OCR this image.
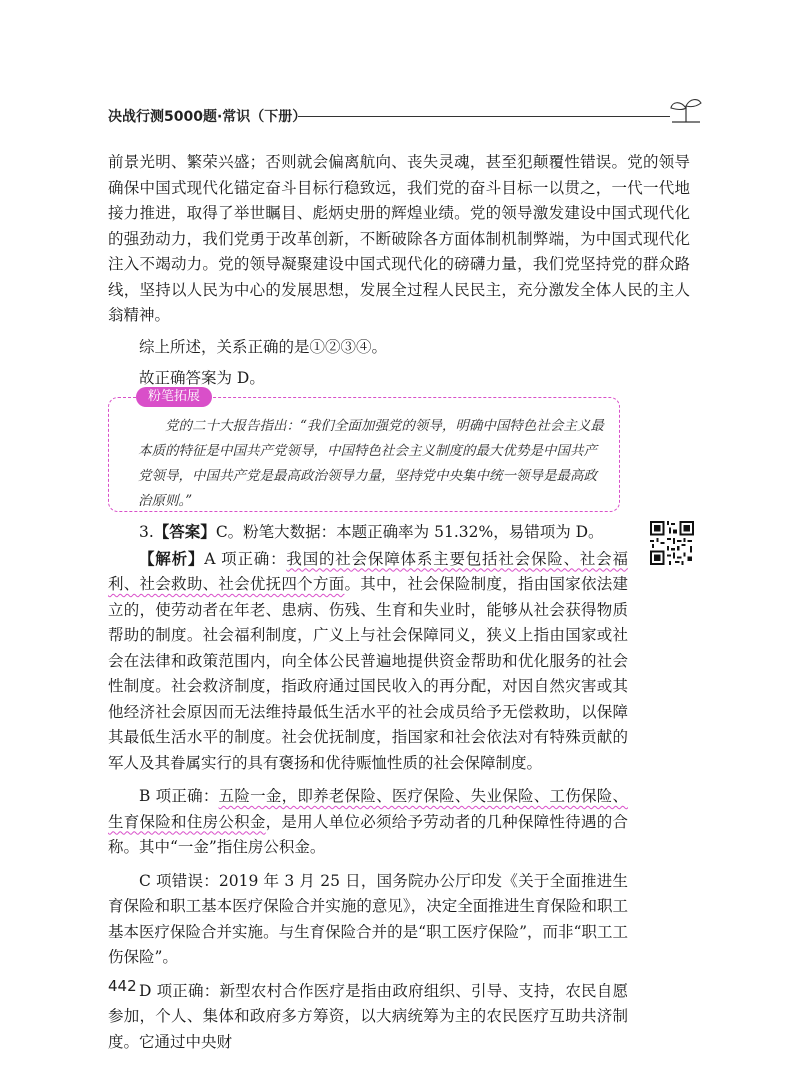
决战行测5000题·常识（下册）

前景光明、繁荣兴盛；否则就会偏离航向、丧失灵魂，甚至犯颠覆性错误。党的领导确保中国式现代化锚定奋斗目标行稳致远，我们党的奋斗目标一以贯之，一代一代地接力推进，取得了举世瞩目、彪炳史册的辉煌业绩。党的领导激发建设中国式现代化的强劲动力，我们党勇于改革创新，不断破除各方面体制机制弊端，为中国式现代化注入不竭动力。党的领导凝聚建设中国式现代化的磅礴力量，我们党坚持党的群众路线，坚持以人民为中心的发展思想，发展全过程人民民主，充分激发全体人民的主人翁精神。

综上所述，关系正确的是①②③④。

故正确答案为 D。

粉笔拓展

党的二十大报告指出：“我们全面加强党的领导，明确中国特色社会主义最本质的特征是中国共产党领导，中国特色社会主义制度的最大优势是中国共产党领导，中国共产党是最高政治领导力量，坚持党中央集中统一领导是最高政治原则。”

3.【答案】C。粉笔大数据：本题正确率为 51.32%，易错项为 D。

【解析】A 项正确：我国的社会保障体系主要包括社会保险、社会福利、社会救助、社会优抚四个方面。其中，社会保险制度，指由国家依法建立的，使劳动者在年老、患病、伤残、生育和失业时，能够从社会获得物质帮助的制度。社会福利制度，广义上与社会保障同义，狭义上指由国家或社会在法律和政策范围内，向全体公民普遍地提供资金帮助和优化服务的社会性制度。社会救济制度，指政府通过国民收入的再分配，对因自然灾害或其他经济社会原因而无法维持最低生活水平的社会成员给予无偿救助，以保障其最低生活水平的制度。社会优抚制度，指国家和社会依法对有特殊贡献的军人及其眷属实行的具有褒扬和优待赈恤性质的社会保障制度。

B 项正确：五险一金，即养老保险、医疗保险、失业保险、工伤保险、生育保险和住房公积金，是用人单位必须给予劳动者的几种保障性待遇的合称。其中“一金”指住房公积金。

C 项错误：2019 年 3 月 25 日，国务院办公厅印发《关于全面推进生育保险和职工基本医疗保险合并实施的意见》，决定全面推进生育保险和职工基本医疗保险合并实施。与生育保险合并的是“职工医疗保险”，而非“职工工伤保险”。

D 项正确：新型农村合作医疗是指由政府组织、引导、支持，农民自愿参加，个人、集体和政府多方筹资，以大病统筹为主的农民医疗互助共济制度。它通过中央财

442
